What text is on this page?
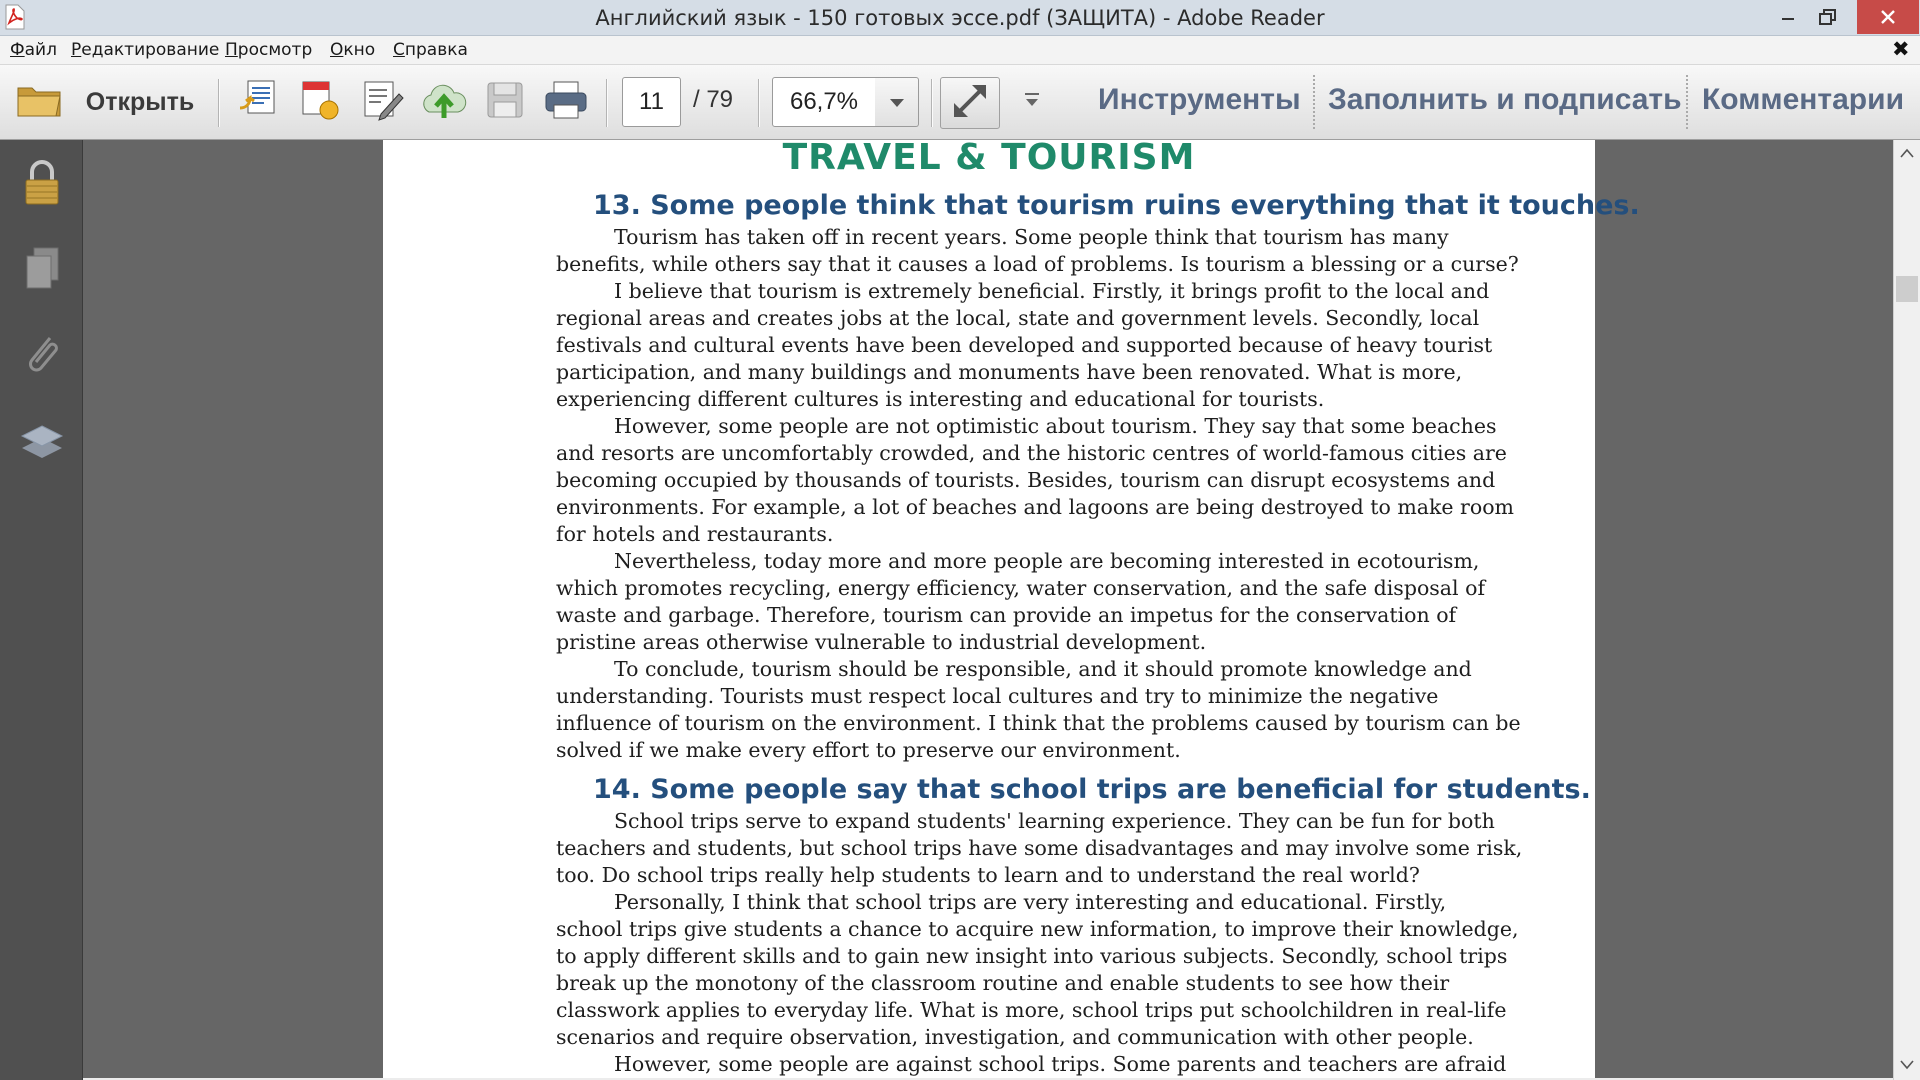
Английский язык - 150 готовых эссе.pdf (ЗАЩИТА) - Adobe Reader
Файл Редактирование Просмотр Окно Справка	✖
Открыть	11	/ 79	66,7%	Инструменты Заполнить и подписать Комментарии
TRAVEL & TOURISM
13. Some people think that tourism ruins everything that it touches.
Tourism has taken off in recent years. Some people think that tourism has many
benefits, while others say that it causes a load of problems. Is tourism a blessing or a curse?
I believe that tourism is extremely beneficial. Firstly, it brings profit to the local and
regional areas and creates jobs at the local, state and government levels. Secondly, local
festivals and cultural events have been developed and supported because of heavy tourist
participation, and many buildings and monuments have been renovated. What is more,
experiencing different cultures is interesting and educational for tourists.
However, some people are not optimistic about tourism. They say that some beaches
and resorts are uncomfortably crowded, and the historic centres of world-famous cities are
becoming occupied by thousands of tourists. Besides, tourism can disrupt ecosystems and
environments. For example, a lot of beaches and lagoons are being destroyed to make room
for hotels and restaurants.
Nevertheless, today more and more people are becoming interested in ecotourism,
which promotes recycling, energy efficiency, water conservation, and the safe disposal of
waste and garbage. Therefore, tourism can provide an impetus for the conservation of
pristine areas otherwise vulnerable to industrial development.
To conclude, tourism should be responsible, and it should promote knowledge and
understanding. Tourists must respect local cultures and try to minimize the negative
influence of tourism on the environment. I think that the problems caused by tourism can be
solved if we make every effort to preserve our environment.
14. Some people say that school trips are beneficial for students.
School trips serve to expand students' learning experience. They can be fun for both
teachers and students, but school trips have some disadvantages and may involve some risk,
too. Do school trips really help students to learn and to understand the real world?
Personally, I think that school trips are very interesting and educational. Firstly,
school trips give students a chance to acquire new information, to improve their knowledge,
to apply different skills and to gain new insight into various subjects. Secondly, school trips
break up the monotony of the classroom routine and enable students to see how their
classwork applies to everyday life. What is more, school trips put schoolchildren in real-life
scenarios and require observation, investigation, and communication with other people.
However, some people are against school trips. Some parents and teachers are afraid
